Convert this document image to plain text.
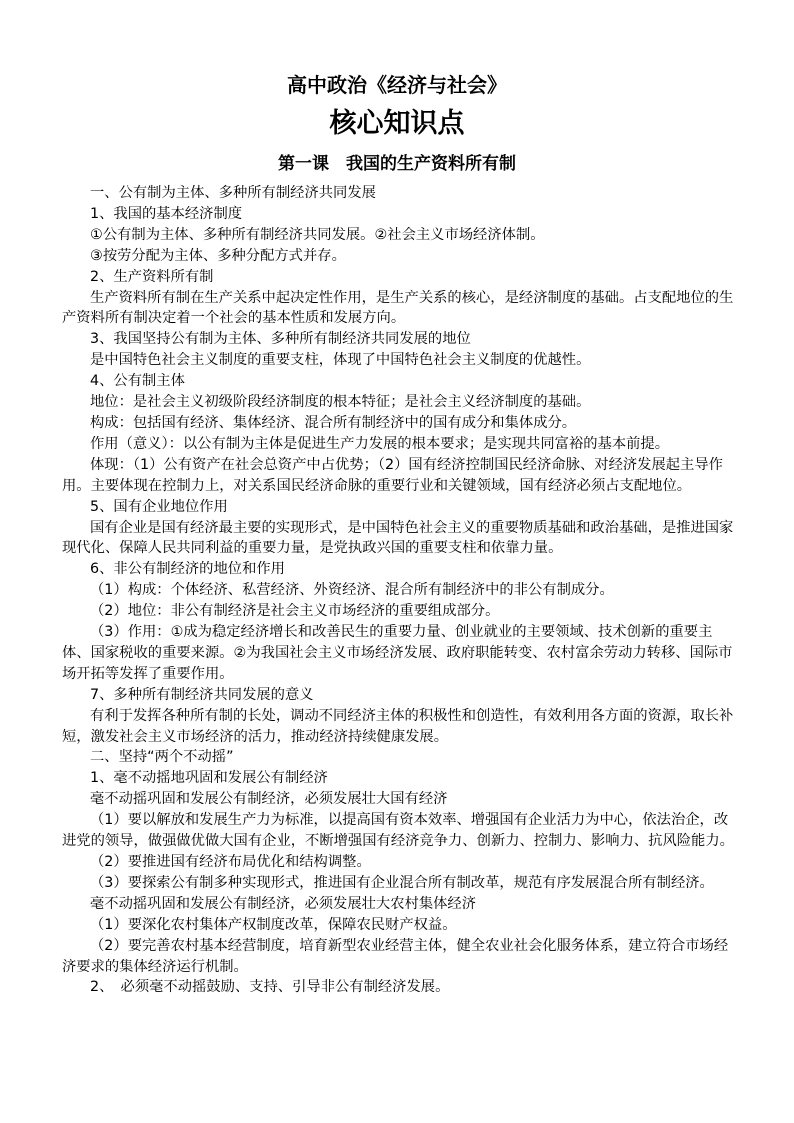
高中政治《经济与社会》
核心知识点
第一课　我国的生产资料所有制

一、公有制为主体、多种所有制经济共同发展

1、我国的基本经济制度

①公有制为主体、多种所有制经济共同发展。②社会主义市场经济体制。

③按劳分配为主体、多种分配方式并存。

2、生产资料所有制

生产资料所有制在生产关系中起决定性作用，是生产关系的核心，是经济制度的基础。占支配地位的生产资料所有制决定着一个社会的基本性质和发展方向。

3、我国坚持公有制为主体、多种所有制经济共同发展的地位

是中国特色社会主义制度的重要支柱，体现了中国特色社会主义制度的优越性。

4、公有制主体

地位：是社会主义初级阶段经济制度的根本特征；是社会主义经济制度的基础。

构成：包括国有经济、集体经济、混合所有制经济中的国有成分和集体成分。

作用（意义）：以公有制为主体是促进生产力发展的根本要求；是实现共同富裕的基本前提。

体现：（1）公有资产在社会总资产中占优势；（2）国有经济控制国民经济命脉、对经济发展起主导作用。主要体现在控制力上，对关系国民经济命脉的重要行业和关键领域，国有经济必须占支配地位。

5、国有企业地位作用

国有企业是国有经济最主要的实现形式，是中国特色社会主义的重要物质基础和政治基础，是推进国家现代化、保障人民共同利益的重要力量，是党执政兴国的重要支柱和依靠力量。

6、非公有制经济的地位和作用

（1）构成：个体经济、私营经济、外资经济、混合所有制经济中的非公有制成分。

（2）地位：非公有制经济是社会主义市场经济的重要组成部分。

（3）作用：①成为稳定经济增长和改善民生的重要力量、创业就业的主要领域、技术创新的重要主体、国家税收的重要来源。②为我国社会主义市场经济发展、政府职能转变、农村富余劳动力转移、国际市场开拓等发挥了重要作用。

7、多种所有制经济共同发展的意义

有利于发挥各种所有制的长处，调动不同经济主体的积极性和创造性，有效利用各方面的资源，取长补短，激发社会主义市场经济的活力，推动经济持续健康发展。

二、坚持“两个不动摇”

1、毫不动摇地巩固和发展公有制经济

毫不动摇巩固和发展公有制经济，必须发展壮大国有经济

（1）要以解放和发展生产力为标准，以提高国有资本效率、增强国有企业活力为中心，依法治企，改进党的领导，做强做优做大国有企业，不断增强国有经济竞争力、创新力、控制力、影响力、抗风险能力。

（2）要推进国有经济布局优化和结构调整。

（3）要探索公有制多种实现形式，推进国有企业混合所有制改革，规范有序发展混合所有制经济。

毫不动摇巩固和发展公有制经济，必须发展壮大农村集体经济

（1）要深化农村集体产权制度改革，保障农民财产权益。

（2）要完善农村基本经营制度，培育新型农业经营主体，健全农业社会化服务体系，建立符合市场经济要求的集体经济运行机制。

2、　必须毫不动摇鼓励、支持、引导非公有制经济发展。
